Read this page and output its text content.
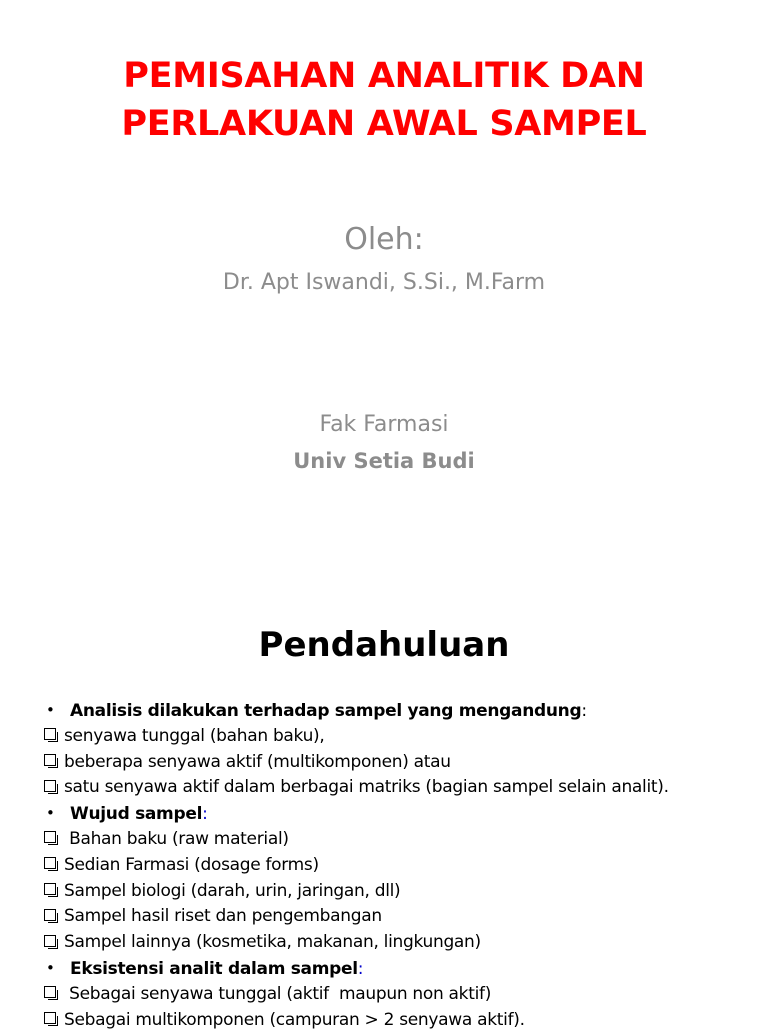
PEMISAHAN ANALITIK DAN
PERLAKUAN AWAL SAMPEL
Oleh:
Dr. Apt Iswandi, S.Si., M.Farm
Fak Farmasi
Univ Setia Budi
Pendahuluan
• Analisis dilakukan terhadap sampel yang mengandung:
senyawa tunggal (bahan baku),
beberapa senyawa aktif (multikomponen) atau
satu senyawa aktif dalam berbagai matriks (bagian sampel selain analit).
• Wujud sampel:
Bahan baku (raw material)
Sedian Farmasi (dosage forms)
Sampel biologi (darah, urin, jaringan, dll)
Sampel hasil riset dan pengembangan
Sampel lainnya (kosmetika, makanan, lingkungan)
• Eksistensi analit dalam sampel:
Sebagai senyawa tunggal (aktif  maupun non aktif)
Sebagai multikomponen (campuran > 2 senyawa aktif).
